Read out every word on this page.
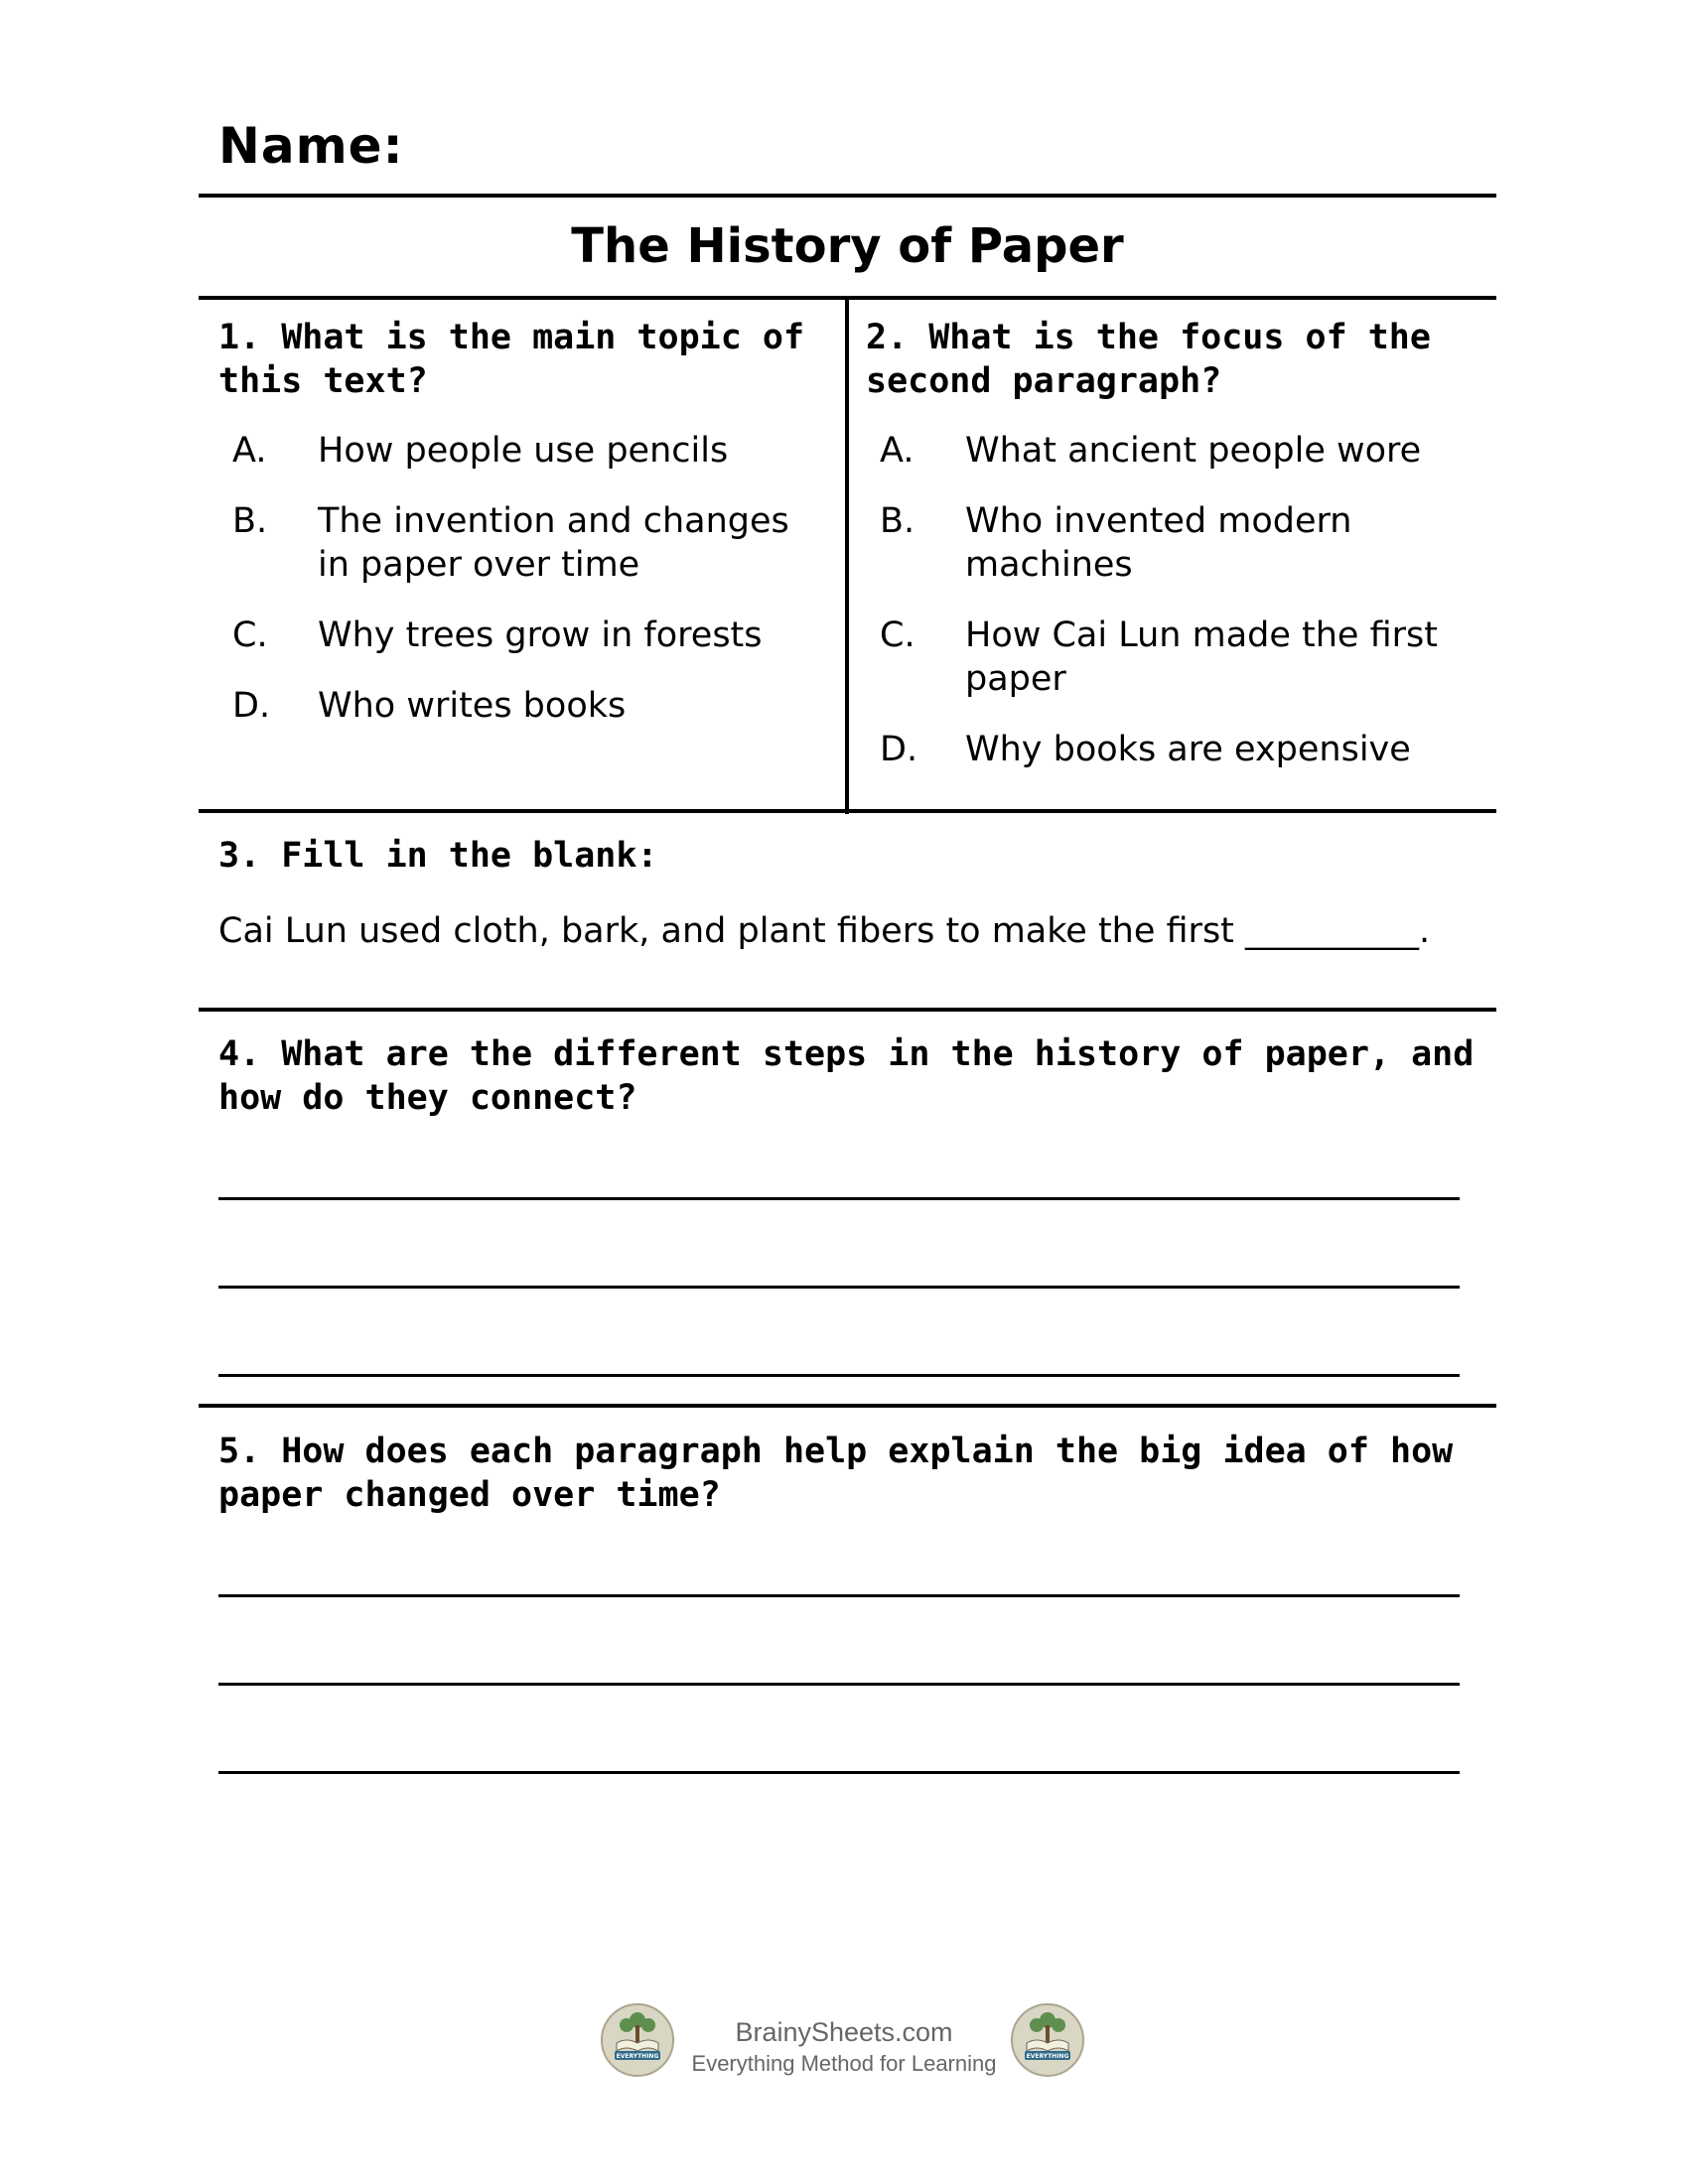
Name:
The History of Paper

1. What is the main topic of this text?

A.	How people use pencils
B.	The invention and changes in paper over time
C.	Why trees grow in forests
D.	Who writes books

2. What is the focus of the second paragraph?

A.	What ancient people wore
B.	Who invented modern machines
C.	How Cai Lun made the first paper
D.	Why books are expensive

3. Fill in the blank:

Cai Lun used cloth, bark, and plant fibers to make the first __________.

4. What are the different steps in the history of paper, and how do they connect?

5. How does each paragraph help explain the big idea of how paper changed over time?

EVERYTHING

BrainySheets.com

Everything Method for Learning	EVERYTHING
